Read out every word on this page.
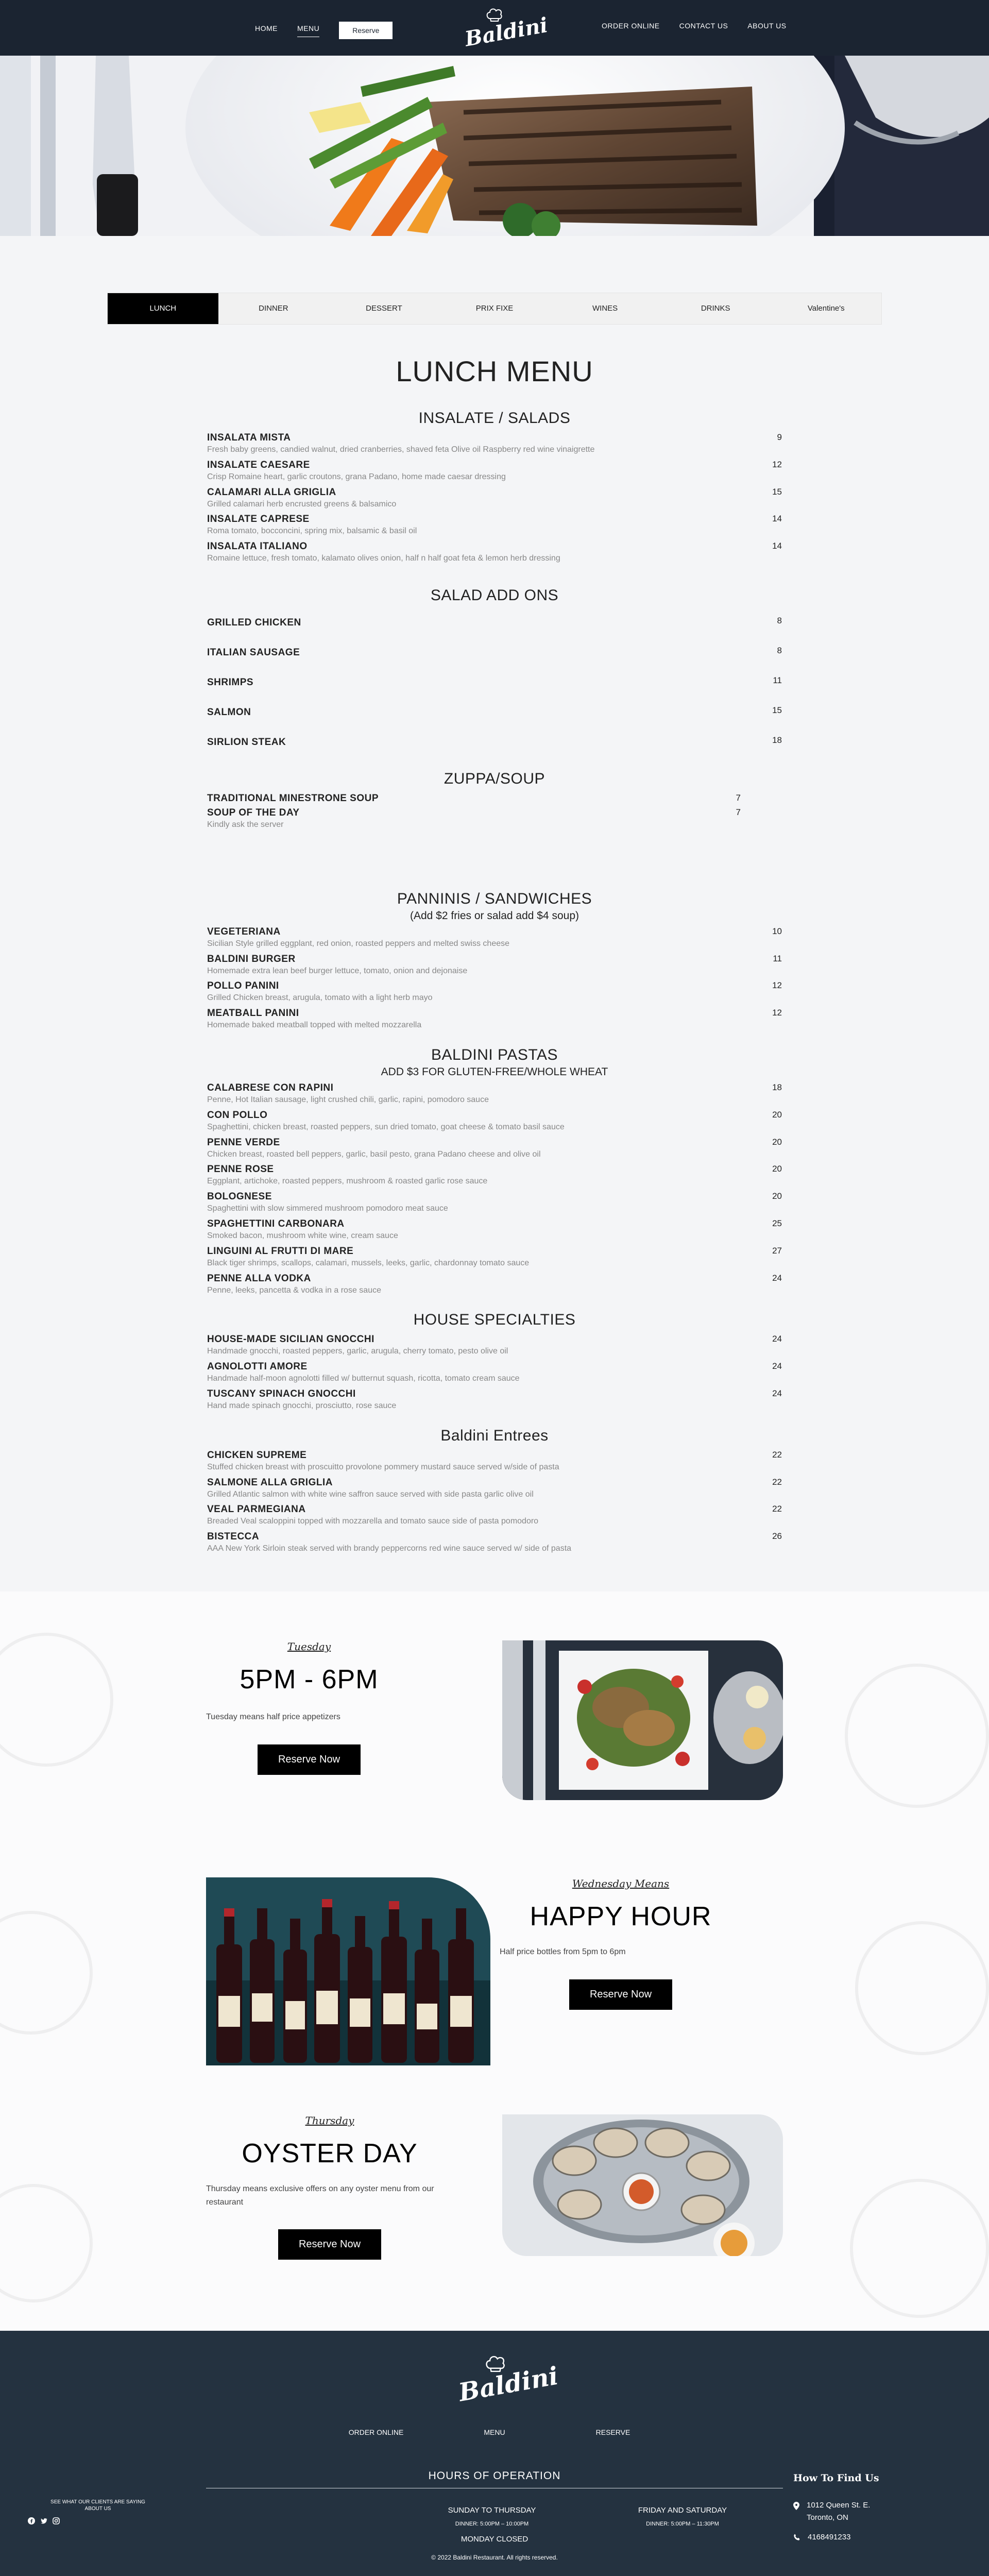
HOME	MENU	Reserve	Baldini	ORDER ONLINE	CONTACT US	ABOUT US
LUNCH	DINNER	DESSERT	PRIX FIXE	WINES	DRINKS	Valentine's
LUNCH MENU
INSALATE / SALADS
INSALATA MISTA
Fresh baby greens, candied walnut, dried cranberries, shaved feta Olive oil Raspberry red wine vinaigrette
9
INSALATE CAESARE
Crisp Romaine heart, garlic croutons, grana Padano, home made caesar dressing
12
CALAMARI ALLA GRIGLIA
Grilled calamari herb encrusted greens & balsamico
15
INSALATE CAPRESE
Roma tomato, bocconcini, spring mix, balsamic & basil oil
14
INSALATA ITALIANO
Romaine lettuce, fresh tomato, kalamato olives onion, half n half goat feta & lemon herb dressing
14
SALAD ADD ONS
GRILLED CHICKEN	8
ITALIAN SAUSAGE	8
SHRIMPS	11
SALMON	15
SIRLION STEAK	18
ZUPPA/SOUP
TRADITIONAL MINESTRONE SOUP	7
SOUP OF THE DAY
Kindly ask the server
7
PANNINIS / SANDWICHES
(Add $2 fries or salad add $4 soup)
VEGETERIANA
Sicilian Style grilled eggplant, red onion, roasted peppers and melted swiss cheese
10
BALDINI BURGER
Homemade extra lean beef burger lettuce, tomato, onion and dejonaise
11
POLLO PANINI
Grilled Chicken breast, arugula, tomato with a light herb mayo
12
MEATBALL PANINI
Homemade baked meatball topped with melted mozzarella
12
BALDINI PASTAS
ADD $3 FOR GLUTEN-FREE/WHOLE WHEAT
CALABRESE CON RAPINI
Penne, Hot Italian sausage, light crushed chili, garlic, rapini, pomodoro sauce
18
CON POLLO
Spaghettini, chicken breast, roasted peppers, sun dried tomato, goat cheese & tomato basil sauce
20
PENNE VERDE
Chicken breast, roasted bell peppers, garlic, basil pesto, grana Padano cheese and olive oil
20
PENNE ROSE
Eggplant, artichoke, roasted peppers, mushroom & roasted garlic rose sauce
20
BOLOGNESE
Spaghettini with slow simmered mushroom pomodoro meat sauce
20
SPAGHETTINI CARBONARA
Smoked bacon, mushroom white wine, cream sauce
25
LINGUINI AL FRUTTI DI MARE
Black tiger shrimps, scallops, calamari, mussels, leeks, garlic, chardonnay tomato sauce
27
PENNE ALLA VODKA
Penne, leeks, pancetta & vodka in a rose sauce
24
HOUSE SPECIALTIES
HOUSE-MADE SICILIAN GNOCCHI
Handmade gnocchi, roasted peppers, garlic, arugula, cherry tomato, pesto olive oil
24
AGNOLOTTI AMORE
Handmade half-moon agnolotti filled w/ butternut squash, ricotta, tomato cream sauce
24
TUSCANY SPINACH GNOCCHI
Hand made spinach gnocchi, prosciutto, rose sauce
24
Baldini Entrees
CHICKEN SUPREME
Stuffed chicken breast with proscuitto provolone pommery mustard sauce served w/side of pasta
22
SALMONE ALLA GRIGLIA
Grilled Atlantic salmon with white wine saffron sauce served with side pasta garlic olive oil
22
VEAL PARMEGIANA
Breaded Veal scaloppini topped with mozzarella and tomato sauce side of pasta pomodoro
22
BISTECCA
AAA New York Sirloin steak served with brandy peppercorns red wine sauce served w/ side of pasta
26
Tuesday
5PM - 6PM
Tuesday means half price appetizers
Reserve Now
Wednesday Means
HAPPY HOUR
Half price bottles from 5pm to 6pm
Reserve Now
Thursday
OYSTER DAY
Thursday means exclusive offers on any oyster menu from our restaurant
Reserve Now
Baldini
ORDER ONLINE	MENU	RESERVE
HOURS OF OPERATION
SUNDAY TO THURSDAY
DINNER: 5:00PM – 10:00PM
FRIDAY AND SATURDAY
DINNER: 5:00PM – 11:30PM
MONDAY CLOSED
© 2022 Baldini Restaurant. All rights reserved.
SEE WHAT OUR CLIENTS ARE SAYING
ABOUT US
How To Find Us
1012 Queen St. E.
Toronto, ON
4168491233
